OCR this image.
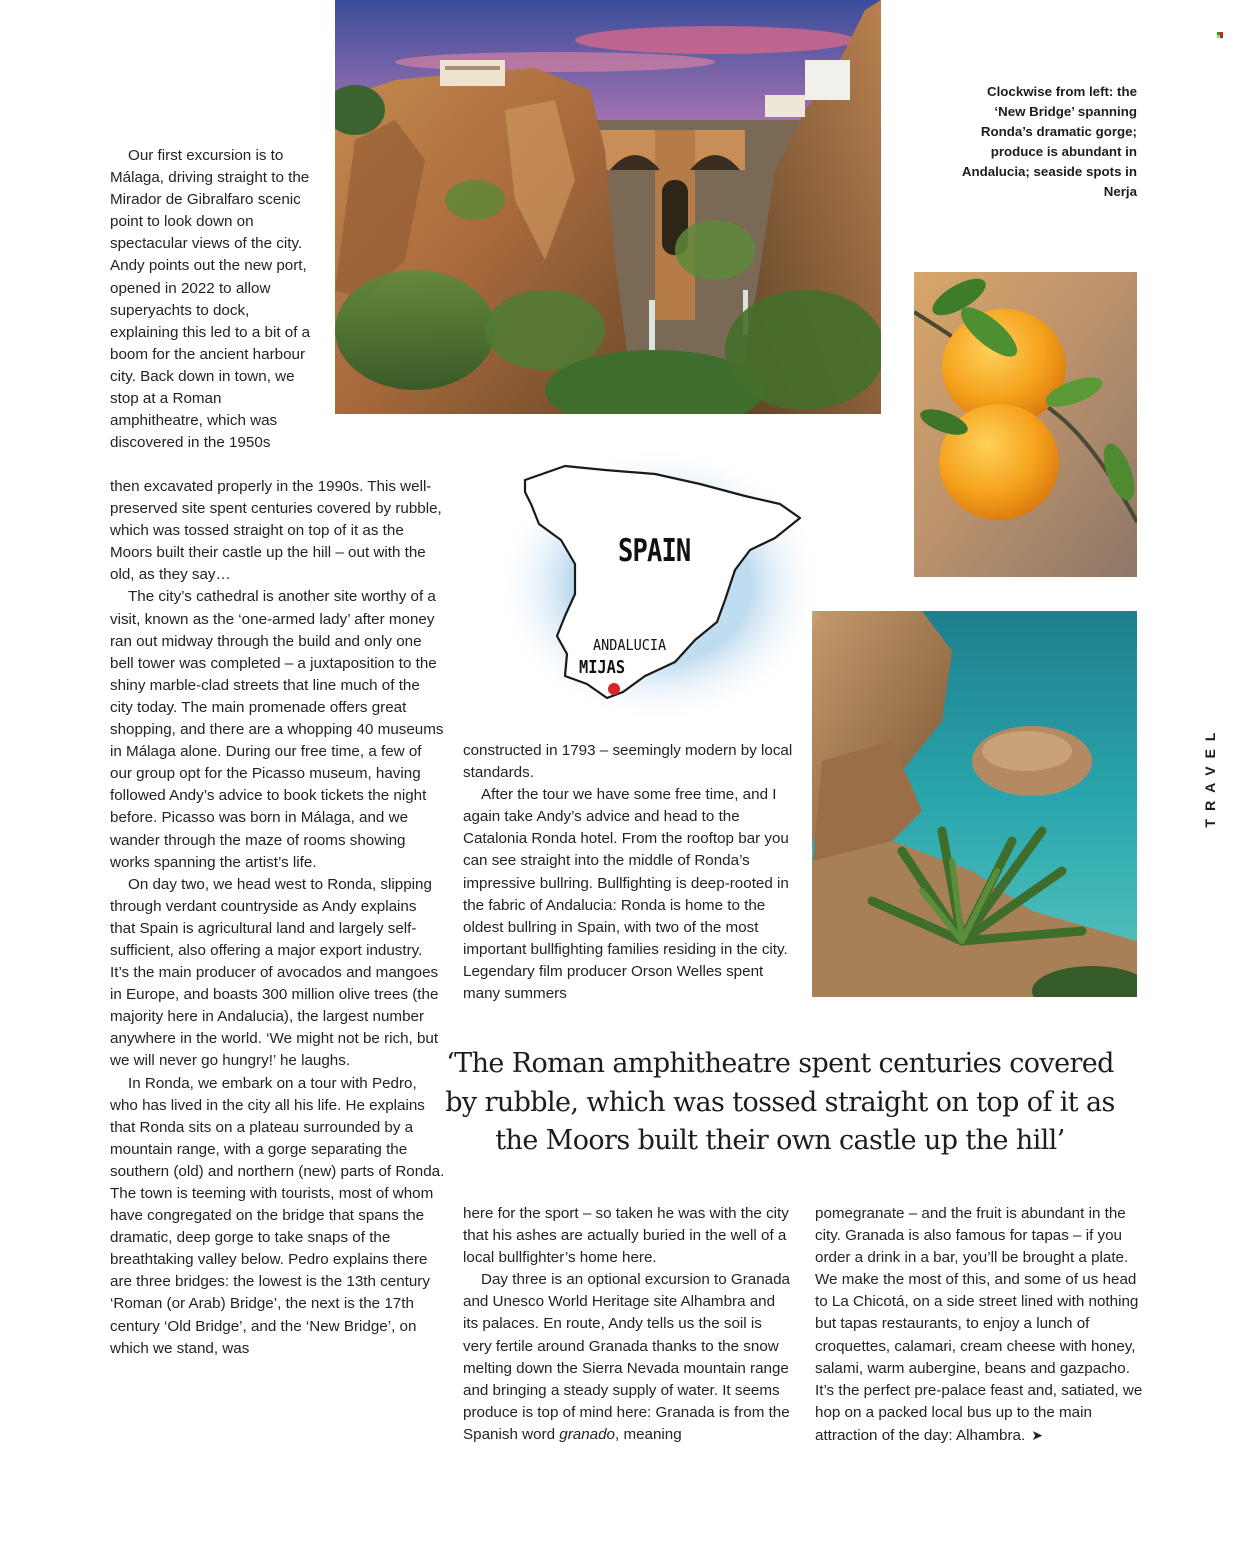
Clockwise from left: the ‘New Bridge’ spanning Ronda’s dramatic gorge; produce is abundant in Andalucia; seaside spots in Nerja
SPAIN
ANDALUCIA
MIJAS

Our first excursion is to Málaga, driving straight to the Mirador de Gibralfaro scenic point to look down on spectacular views of the city. Andy points out the new port, opened in 2022 to allow superyachts to dock, explaining this led to a bit of a boom for the ancient harbour city. Back down in town, we stop at a Roman amphitheatre, which was discovered in the 1950s

then excavated properly in the 1990s. This well-preserved site spent centuries covered by rubble, which was tossed straight on top of it as the Moors built their castle up the hill – out with the old, as they say…

The city’s cathedral is another site worthy of a visit, known as the ‘one-armed lady’ after money ran out midway through the build and only one bell tower was completed – a juxtaposition to the shiny marble-clad streets that line much of the city today. The main promenade offers great shopping, and there are a whopping 40 museums in Málaga alone. During our free time, a few of our group opt for the Picasso museum, having followed Andy’s advice to book tickets the night before. Picasso was born in Málaga, and we wander through the maze of rooms showing works spanning the artist’s life.

On day two, we head west to Ronda, slipping through verdant countryside as Andy explains that Spain is agricultural land and largely self-sufficient, also offering a major export industry. It’s the main producer of avocados and mangoes in Europe, and boasts 300 million olive trees (the majority here in Andalucia), the largest number anywhere in the world. ‘We might not be rich, but we will never go hungry!’ he laughs.

In Ronda, we embark on a tour with Pedro, who has lived in the city all his life. He explains that Ronda sits on a plateau surrounded by a mountain range, with a gorge separating the southern (old) and northern (new) parts of Ronda. The town is teeming with tourists, most of whom have congregated on the bridge that spans the dramatic, deep gorge to take snaps of the breathtaking valley below. Pedro explains there are three bridges: the lowest is the 13th century ‘Roman (or Arab) Bridge’, the next is the 17th century ‘Old Bridge’, and the ‘New Bridge’, on which we stand, was

constructed in 1793 – seemingly modern by local standards.

After the tour we have some free time, and I again take Andy’s advice and head to the Catalonia Ronda hotel. From the rooftop bar you can see straight into the middle of Ronda’s impressive bullring. Bullfighting is deep-rooted in the fabric of Andalucia: Ronda is home to the oldest bullring in Spain, with two of the most important bullfighting families residing in the city. Legendary film producer Orson Welles spent many summers

‘The Roman amphitheatre spent centuries covered by rubble, which was tossed straight on top of it as the Moors built their own castle up the hill’

here for the sport – so taken he was with the city that his ashes are actually buried in the well of a local bullfighter’s home here.

Day three is an optional excursion to Granada and Unesco World Heritage site Alhambra and its palaces. En route, Andy tells us the soil is very fertile around Granada thanks to the snow melting down the Sierra Nevada mountain range and bringing a steady supply of water. It seems produce is top of mind here: Granada is from the Spanish word granado, meaning

pomegranate – and the fruit is abundant in the city. Granada is also famous for tapas – if you order a drink in a bar, you’ll be brought a plate. We make the most of this, and some of us head to La Chicotá, on a side street lined with nothing but tapas restaurants, to enjoy a lunch of croquettes, calamari, cream cheese with honey, salami, warm aubergine, beans and gazpacho. It’s the perfect pre-palace feast and, satiated, we hop on a packed local bus up to the main attraction of the day: Alhambra. ➤

TRAVEL
